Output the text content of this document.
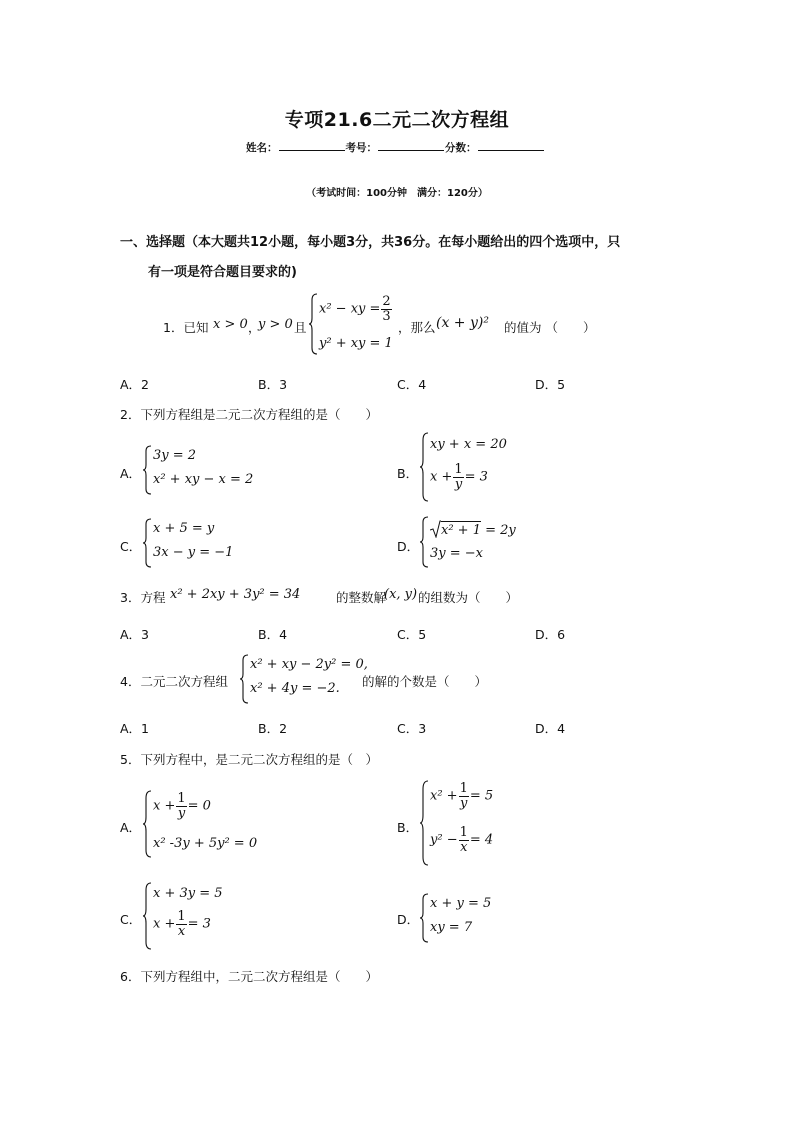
专项21.6二元二次方程组
姓名：	考号：	分数：
（考试时间：100分钟　满分：120分）
一、选择题（本大题共12小题，每小题3分，共36分。在每小题给出的四个选项中，只
有一项是符合题目要求的)
1．已知 x > 0 ，
y > 0 且
x² − xy = $\frac{2}{3}$
y² + xy = 1
，那么 (x + y)² 的值为 （　　）
A．2	B．3	C．4	D．5
2．下列方程组是二元二次方程组的是（　　）
A．
3y = 2
x² + xy − x = 2	B．
xy + x = 20
$x + \frac{1}{y} = 3$
C．
x + 5 = y
3x − y = −1	D．
x² + 1 = 2y
3y = −x
3．方程 x² + 2xy + 3y² = 34	的整数解
(x, y) 的组数为（　　）
A．3	B．4	C．5	D．6
4．二元二次方程组
x² + xy − 2y² = 0,
x² + 4y = −2. 的解的个数是（　　）
A．1	B．2	C．3	D．4
5．下列方程中，是二元二次方程组的是（　）
A．
$x + \frac{1}{y} = 0$
x² -3y + 5y² = 0
B．
$x^2 + \frac{1}{y} = 5$
$y^2 - \frac{1}{x} = 4$
C．
x + 3y = 5
$x + \frac{1}{x} = 3$	D．
x + y = 5
xy = 7
6．下列方程组中，二元二次方程组是（　　）
